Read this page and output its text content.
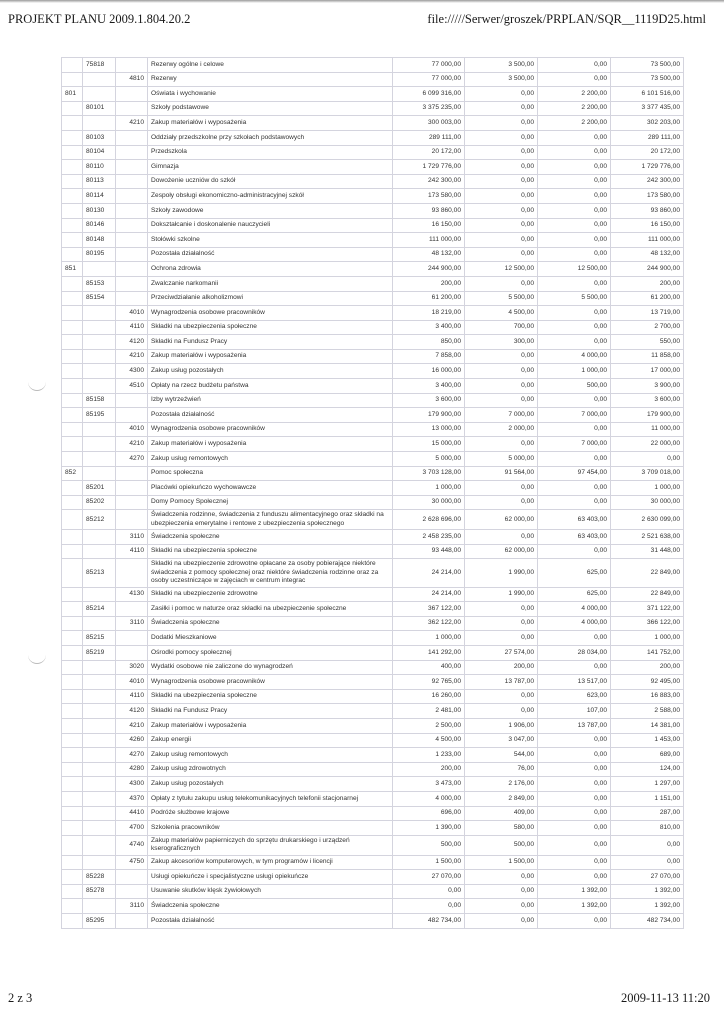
PROJEKT PLANU 2009.1.804.20.2	file://///Serwer/groszek/PRPLAN/SQR__1119D25.html
	75818		Rezerwy ogólne i celowe	77 000,00	3 500,00	0,00	73 500,00
		4810	Rezerwy	77 000,00	3 500,00	0,00	73 500,00
801			Oświata i wychowanie	6 099 316,00	0,00	2 200,00	6 101 516,00
	80101		Szkoły podstawowe	3 375 235,00	0,00	2 200,00	3 377 435,00
		4210	Zakup materiałów i wyposażenia	300 003,00	0,00	2 200,00	302 203,00
	80103		Oddziały przedszkolne przy szkołach podstawowych	289 111,00	0,00	0,00	289 111,00
	80104		Przedszkola	20 172,00	0,00	0,00	20 172,00
	80110		Gimnazja	1 729 776,00	0,00	0,00	1 729 776,00
	80113		Dowożenie uczniów do szkół	242 300,00	0,00	0,00	242 300,00
	80114		Zespoły obsługi ekonomiczno-administracyjnej szkół	173 580,00	0,00	0,00	173 580,00
	80130		Szkoły zawodowe	93 860,00	0,00	0,00	93 860,00
	80146		Dokształcanie i doskonalenie nauczycieli	16 150,00	0,00	0,00	16 150,00
	80148		Stołówki szkolne	111 000,00	0,00	0,00	111 000,00
	80195		Pozostała działalność	48 132,00	0,00	0,00	48 132,00
851			Ochrona zdrowia	244 900,00	12 500,00	12 500,00	244 900,00
	85153		Zwalczanie narkomanii	200,00	0,00	0,00	200,00
	85154		Przeciwdziałanie alkoholizmowi	61 200,00	5 500,00	5 500,00	61 200,00
		4010	Wynagrodzenia osobowe pracowników	18 219,00	4 500,00	0,00	13 719,00
		4110	Składki na ubezpieczenia społeczne	3 400,00	700,00	0,00	2 700,00
		4120	Składki na Fundusz Pracy	850,00	300,00	0,00	550,00
		4210	Zakup materiałów i wyposażenia	7 858,00	0,00	4 000,00	11 858,00
		4300	Zakup usług pozostałych	16 000,00	0,00	1 000,00	17 000,00
		4510	Opłaty na rzecz budżetu państwa	3 400,00	0,00	500,00	3 900,00
	85158		Izby wytrzeźwień	3 600,00	0,00	0,00	3 600,00
	85195		Pozostała działalność	179 900,00	7 000,00	7 000,00	179 900,00
		4010	Wynagrodzenia osobowe pracowników	13 000,00	2 000,00	0,00	11 000,00
		4210	Zakup materiałów i wyposażenia	15 000,00	0,00	7 000,00	22 000,00
		4270	Zakup usług remontowych	5 000,00	5 000,00	0,00	0,00
852			Pomoc społeczna	3 703 128,00	91 564,00	97 454,00	3 709 018,00
	85201		Placówki opiekuńczo wychowawcze	1 000,00	0,00	0,00	1 000,00
	85202		Domy Pomocy Społecznej	30 000,00	0,00	0,00	30 000,00
	85212		Świadczenia rodzinne, świadczenia z funduszu alimentacyjnego oraz składki na ubezpieczenia emerytalne i rentowe z ubezpieczenia społecznego	2 628 696,00	62 000,00	63 403,00	2 630 099,00
		3110	Świadczenia społeczne	2 458 235,00	0,00	63 403,00	2 521 638,00
		4110	Składki na ubezpieczenia społeczne	93 448,00	62 000,00	0,00	31 448,00
	85213		Składki na ubezpieczenie zdrowotne opłacane za osoby pobierające niektóre świadczenia z pomocy społecznej oraz niektóre świadczenia rodzinne oraz za osoby uczestniczące w zajęciach w centrum integrac	24 214,00	1 990,00	625,00	22 849,00
		4130	Składki na ubezpieczenie zdrowotne	24 214,00	1 990,00	625,00	22 849,00
	85214		Zasiłki i pomoc w naturze oraz składki na ubezpieczenie społeczne	367 122,00	0,00	4 000,00	371 122,00
		3110	Świadczenia społeczne	362 122,00	0,00	4 000,00	366 122,00
	85215		Dodatki Mieszkaniowe	1 000,00	0,00	0,00	1 000,00
	85219		Ośrodki pomocy społecznej	141 292,00	27 574,00	28 034,00	141 752,00
		3020	Wydatki osobowe nie zaliczone do wynagrodzeń	400,00	200,00	0,00	200,00
		4010	Wynagrodzenia osobowe pracowników	92 765,00	13 787,00	13 517,00	92 495,00
		4110	Składki na ubezpieczenia społeczne	16 260,00	0,00	623,00	16 883,00
		4120	Składki na Fundusz Pracy	2 481,00	0,00	107,00	2 588,00
		4210	Zakup materiałów i wyposażenia	2 500,00	1 906,00	13 787,00	14 381,00
		4260	Zakup energii	4 500,00	3 047,00	0,00	1 453,00
		4270	Zakup usług remontowych	1 233,00	544,00	0,00	689,00
		4280	Zakup usług zdrowotnych	200,00	76,00	0,00	124,00
		4300	Zakup usług pozostałych	3 473,00	2 176,00	0,00	1 297,00
		4370	Opłaty z tytułu zakupu usług telekomunikacyjnych telefonii stacjonarnej	4 000,00	2 849,00	0,00	1 151,00
		4410	Podróże służbowe krajowe	696,00	409,00	0,00	287,00
		4700	Szkolenia pracowników	1 390,00	580,00	0,00	810,00
		4740	Zakup materiałów papierniczych do sprzętu drukarskiego i urządzeń kserograficznych	500,00	500,00	0,00	0,00
		4750	Zakup akcesoriów komputerowych, w tym programów i licencji	1 500,00	1 500,00	0,00	0,00
	85228		Usługi opiekuńcze i specjalistyczne usługi opiekuńcze	27 070,00	0,00	0,00	27 070,00
	85278		Usuwanie skutków klęsk żywiołowych	0,00	0,00	1 392,00	1 392,00
		3110	Świadczenia społeczne	0,00	0,00	1 392,00	1 392,00
	85295		Pozostała działalność	482 734,00	0,00	0,00	482 734,00
2 z 3	2009-11-13 11:20
